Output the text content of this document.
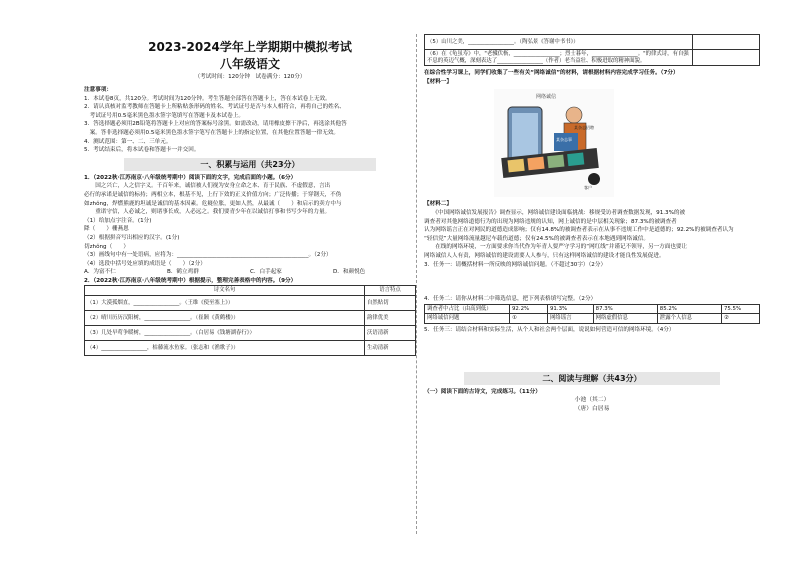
2023-2024学年上学期期中模拟考试
八年级语文
（考试时间：120分钟　试卷满分：120分）

注意事项：

1．本试卷8页，共120分。考试时间为120分钟。考生答题全部答在答题卡上，答在本试卷上无效。

2．请认真核对监考教师在答题卡上所粘贴条形码的姓名、考试证号是否与本人相符合，再将自己的姓名、

　考试证号用0.5毫米黑色墨水签字笔填写在答题卡及本试卷上。

3．答选择题必须用2B铅笔将答题卡上对应的答案标号涂黑。如需改动，请用橡皮擦干净后，再选涂其他答

　案。答非选择题必须用0.5毫米黑色墨水签字笔写在答题卡上的指定位置，在其他位置答题一律无效。

4．测试范围：第一、二、三单元。

5．考试结束后，将本试卷和答题卡一并交回。

一、积累与运用（共23分）

1．（2022秋·江苏南京·八年级统考期中）阅读下面的文字，完成后面的小题。（6分）

　　国之兴亡，人之信字义。千百年来，诚信被人们视为安身立命之本、育于民族、不虚假意，言出

必行的承诺是诚信的标持；两相立本，根基不见，上行下效的正义价值方向；广泛传播；于穿钢天，不伪

如zhǒng，焊燃熊鹿的坦诚是诚信的基本因素。危嶷位胀，更如人然，从最诚（　　）和启示的卖方中与

　　重诺守信，人必诚之，则诸事长成，人必远之。我们要青少年在以诚信打事和书写少年的力量。

（1）给加点字注音。(1分)

降（　　）栅燕恩

（2）根据拼音写出相应的汉字。(1分)

切zhǒng（　　）

（3）画线句中有一处语病，应将为：_______________________________________________。（2分）

（4）选段中括号处应填的成语是（　　）（2分）

A．为富不仁	B．鹤立鸡群	C．白手起家	D．和颜悦色

2．（2022秋·江苏南京·八年级统考期中）根据提示，整理完善表格中的内容。（9分）

诗文名句	语言特点
（1）大漠孤烟直，_________________。（王维《使至塞上》）	自然贴切
（2）晴川历历汉阳树，_________________。（崔颢《黄鹤楼》）	韵律优美
（3）几处早莺争暖树，_________________。（白居易《钱塘湖春行》）	沃语清新
（4）_________________，枯藤流水鱼家。（张志和《渔歌子》）	生动清新
（5）山川之美，_________________。（陶弘景《答谢中书书》）	
（6）在《龟虽寿》中，"老骥伏枥，_________________；烈士暮年，_________________。"的律式诗，有自强不息的英迈气概，深刻表达了_________________（作者）老当益壮、积极进取的精神面貌。	

在综合性学习课上，同学们收集了一些有关“网络诚信”的材料，请根据材料内容完成学习任务。（7分）

【材料一】

网络诚信
某杂志事
某杂志招聘
客户

【材料二】

　　《中国网络诚信发展报告》调查显示，网络诚信建设面临挑战：移规受访者调查数据发现，91.3%的被

调查者对其他网络道德行为的出现为网络违规的认知，网上诚信的是中层相关现象；87.3%的被调查者

认为网络谣言正在对网民的道德造成影响；仅有14.8%的被调查者表示在从事不违规工作中是道德的；92.2%的被调查者认为

“轻信党”大量网络流量越尼车载伤道德；仅有24.5%的被调查者表示在本地遇到网络诚信。

　　在线的网络环境，一方面要求你当代作为年青人要严守学习的“网红线”并谨记不领导，另一方面也要让

网络诚信人人有责，网络诚信的建设需要人人参与，只有这样网络诚信的建设才能良性发展促进。

3．任务一：请概括材料一所反映的网络诚信问题。（不超过30字）（2分）

4．任务二：请你从材料二中筛选信息，把下列表格填写完整。（2分）

调查者中占比（由高到低）	92.2%	91.3%	87.3%	85.2%	75.5%
网络诚信问题	①	网络谣言	网络虚假信息	泄露个人信息	②

5．任务三：请结合材料和实际生活，从个人和社会两个层面，说说如何营造可信的网络环境。（4分）

二、阅读与理解（共43分）

（一）阅读下面的古诗文，完成练习。（11分）

小池（其二）
（唐）白居易
